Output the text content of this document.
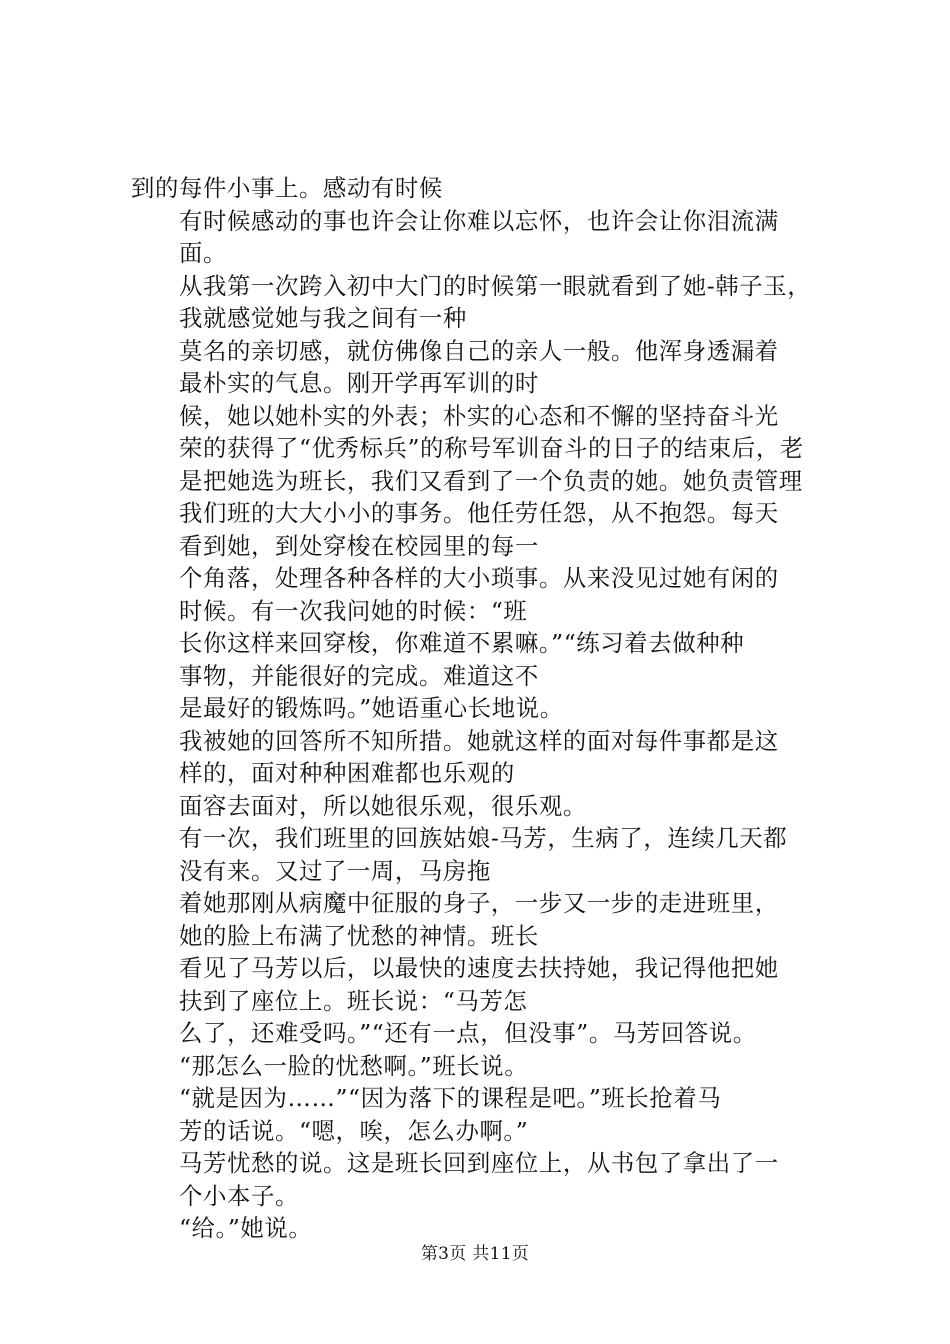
到的每件小事上。感动有时候

有时候感动的事也许会让你难以忘怀，也许会让你泪流满
面。

从我第一次跨入初中大门的时候第一眼就看到了她-韩子玉，
我就感觉她与我之间有一种

莫名的亲切感，就仿佛像自己的亲人一般。他浑身透漏着
最朴实的气息。刚开学再军训的时

候，她以她朴实的外表；朴实的心态和不懈的坚持奋斗光
荣的获得了“优秀标兵”的称号军训奋斗的日子的结束后，老
是把她选为班长，我们又看到了一个负责的她。她负责管理

我们班的大大小小的事务。他任劳任怨，从不抱怨。每天
看到她，到处穿梭在校园里的每一

个角落，处理各种各样的大小琐事。从来没见过她有闲的
时候。有一次我问她的时候：“班

长你这样来回穿梭，你难道不累嘛。”“练习着去做种种
事物，并能很好的完成。难道这不

是最好的锻炼吗。”她语重心长地说。

我被她的回答所不知所措。她就这样的面对每件事都是这
样的，面对种种困难都也乐观的

面容去面对，所以她很乐观，很乐观。

有一次，我们班里的回族姑娘-马芳，生病了，连续几天都
没有来。又过了一周，马房拖

着她那刚从病魔中征服的身子，一步又一步的走进班里，
她的脸上布满了忧愁的神情。班长

看见了马芳以后，以最快的速度去扶持她，我记得他把她
扶到了座位上。班长说：“马芳怎

么了，还难受吗。”“还有一点，但没事”。马芳回答说。
“那怎么一脸的忧愁啊。”班长说。

“就是因为……”“因为落下的课程是吧。”班长抢着马
芳的话说。“嗯，唉，怎么办啊。”

马芳忧愁的说。这是班长回到座位上，从书包了拿出了一
个小本子。

“给。”她说。

第3页 共11页
